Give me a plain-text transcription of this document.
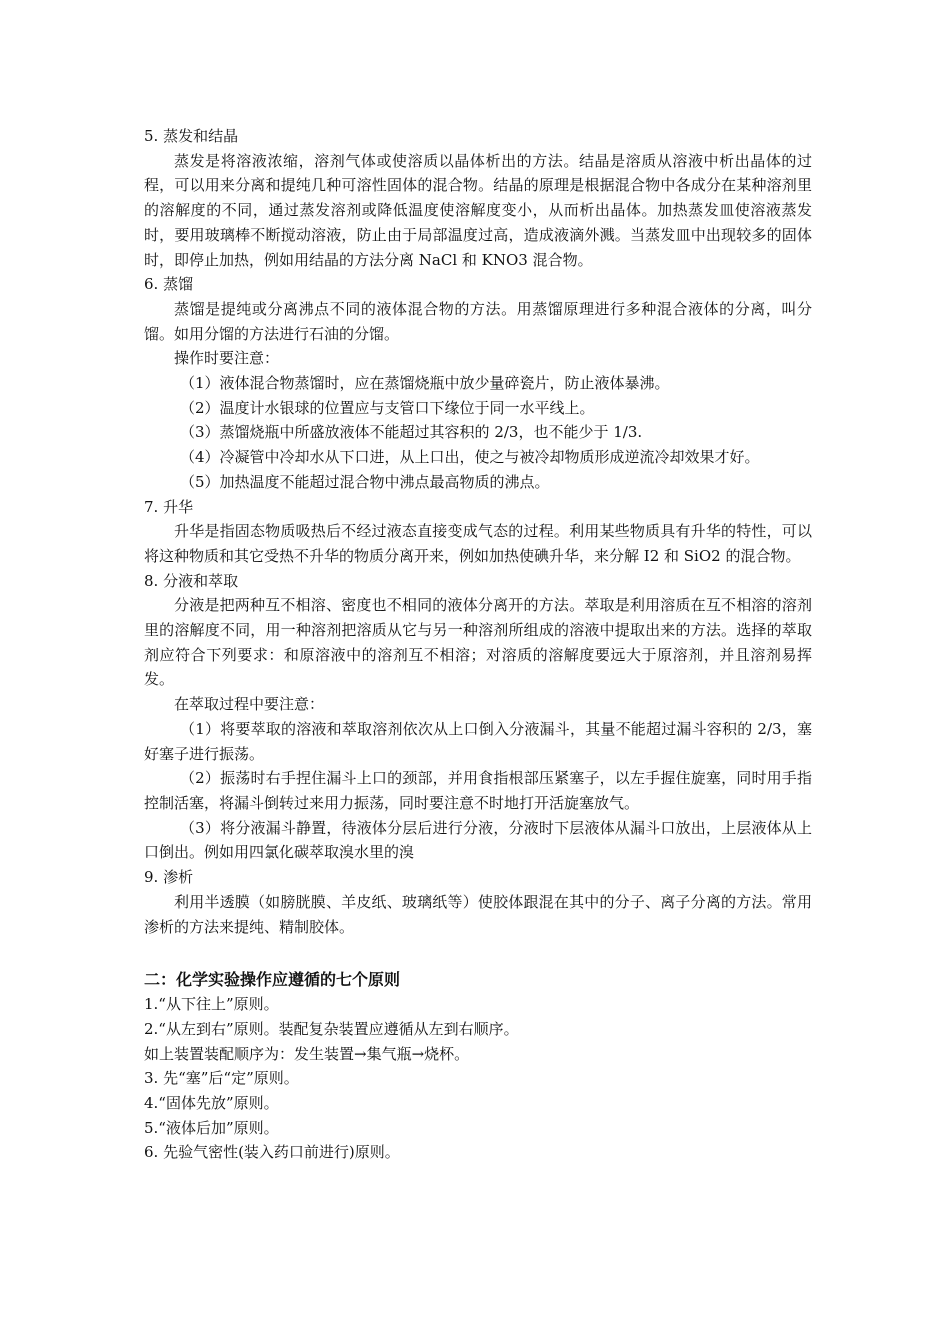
5. 蒸发和结晶

蒸发是将溶液浓缩，溶剂气体或使溶质以晶体析出的方法。结晶是溶质从溶液中析出晶体的过程，可以用来分离和提纯几种可溶性固体的混合物。结晶的原理是根据混合物中各成分在某种溶剂里的溶解度的不同，通过蒸发溶剂或降低温度使溶解度变小，从而析出晶体。加热蒸发皿使溶液蒸发时，要用玻璃棒不断搅动溶液，防止由于局部温度过高，造成液滴外溅。当蒸发皿中出现较多的固体时，即停止加热，例如用结晶的方法分离 NaCl 和 KNO3 混合物。

6. 蒸馏

蒸馏是提纯或分离沸点不同的液体混合物的方法。用蒸馏原理进行多种混合液体的分离，叫分馏。如用分馏的方法进行石油的分馏。

操作时要注意：

（1）液体混合物蒸馏时，应在蒸馏烧瓶中放少量碎瓷片，防止液体暴沸。

（2）温度计水银球的位置应与支管口下缘位于同一水平线上。

（3）蒸馏烧瓶中所盛放液体不能超过其容积的 2/3，也不能少于 1/3.

（4）冷凝管中冷却水从下口进，从上口出，使之与被冷却物质形成逆流冷却效果才好。

（5）加热温度不能超过混合物中沸点最高物质的沸点。

7. 升华

升华是指固态物质吸热后不经过液态直接变成气态的过程。利用某些物质具有升华的特性，可以将这种物质和其它受热不升华的物质分离开来，例如加热使碘升华，来分解 I2 和 SiO2 的混合物。

8. 分液和萃取

分液是把两种互不相溶、密度也不相同的液体分离开的方法。萃取是利用溶质在互不相溶的溶剂里的溶解度不同，用一种溶剂把溶质从它与另一种溶剂所组成的溶液中提取出来的方法。选择的萃取剂应符合下列要求：和原溶液中的溶剂互不相溶；对溶质的溶解度要远大于原溶剂，并且溶剂易挥发。

在萃取过程中要注意：

（1）将要萃取的溶液和萃取溶剂依次从上口倒入分液漏斗，其量不能超过漏斗容积的 2/3，塞好塞子进行振荡。

（2）振荡时右手捏住漏斗上口的颈部，并用食指根部压紧塞子，以左手握住旋塞，同时用手指控制活塞，将漏斗倒转过来用力振荡，同时要注意不时地打开活旋塞放气。

（3）将分液漏斗静置，待液体分层后进行分液，分液时下层液体从漏斗口放出，上层液体从上口倒出。例如用四氯化碳萃取溴水里的溴

9. 渗析

利用半透膜（如膀胱膜、羊皮纸、玻璃纸等）使胶体跟混在其中的分子、离子分离的方法。常用渗析的方法来提纯、精制胶体。

二：化学实验操作应遵循的七个原则

1.“从下往上”原则。

2.“从左到右”原则。装配复杂装置应遵循从左到右顺序。

如上装置装配顺序为：发生装置→集气瓶→烧杯。

3. 先“塞”后“定”原则。

4.“固体先放”原则。

5.“液体后加”原则。

6. 先验气密性(装入药口前进行)原则。
